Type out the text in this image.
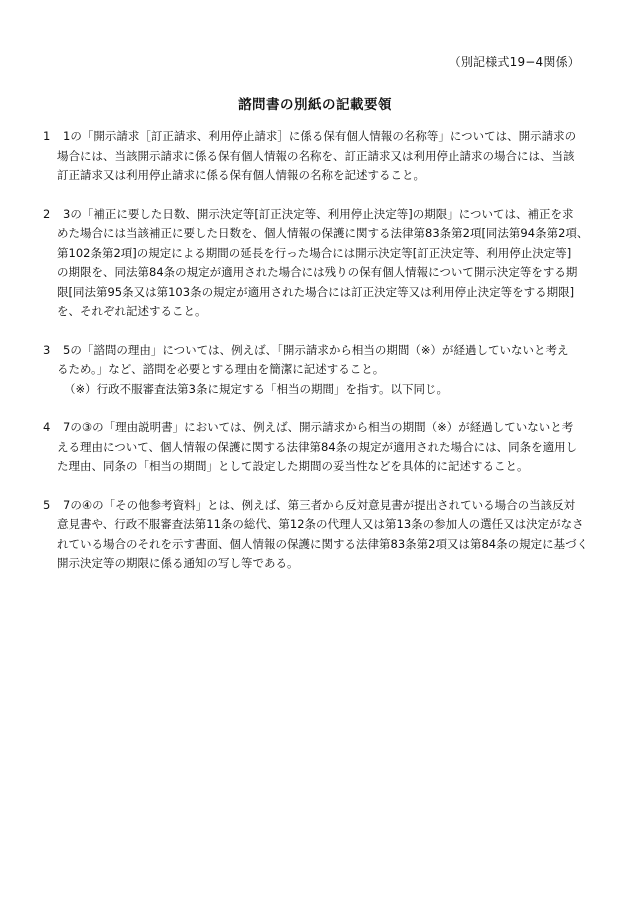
（別記様式19−4関係）
諮問書の別紙の記載要領
1	1の「開示請求［訂正請求、利用停止請求］に係る保有個人情報の名称等」については、開示請求の
場合には、当該開示請求に係る保有個人情報の名称を、訂正請求又は利用停止請求の場合には、当該
訂正請求又は利用停止請求に係る保有個人情報の名称を記述すること。
2	3の「補正に要した日数、開示決定等[訂正決定等、利用停止決定等]の期限」については、補正を求
めた場合には当該補正に要した日数を、個人情報の保護に関する法律第83条第2項[同法第94条第2項、
第102条第2項]の規定による期間の延長を行った場合には開示決定等[訂正決定等、利用停止決定等]
の期限を、同法第84条の規定が適用された場合には残りの保有個人情報について開示決定等をする期
限[同法第95条又は第103条の規定が適用された場合には訂正決定等又は利用停止決定等をする期限]
を、それぞれ記述すること。
3	5の「諮問の理由」については、例えば、「開示請求から相当の期間（※）が経過していないと考え
るため。」など、諮問を必要とする理由を簡潔に記述すること。
（※）行政不服審査法第3条に規定する「相当の期間」を指す。以下同じ。
4	7の③の「理由説明書」においては、例えば、開示請求から相当の期間（※）が経過していないと考
える理由について、個人情報の保護に関する法律第84条の規定が適用された場合には、同条を適用し
た理由、同条の「相当の期間」として設定した期間の妥当性などを具体的に記述すること。
5	7の④の「その他参考資料」とは、例えば、第三者から反対意見書が提出されている場合の当該反対
意見書や、行政不服審査法第11条の総代、第12条の代理人又は第13条の参加人の選任又は決定がなさ
れている場合のそれを示す書面、個人情報の保護に関する法律第83条第2項又は第84条の規定に基づく
開示決定等の期限に係る通知の写し等である。
